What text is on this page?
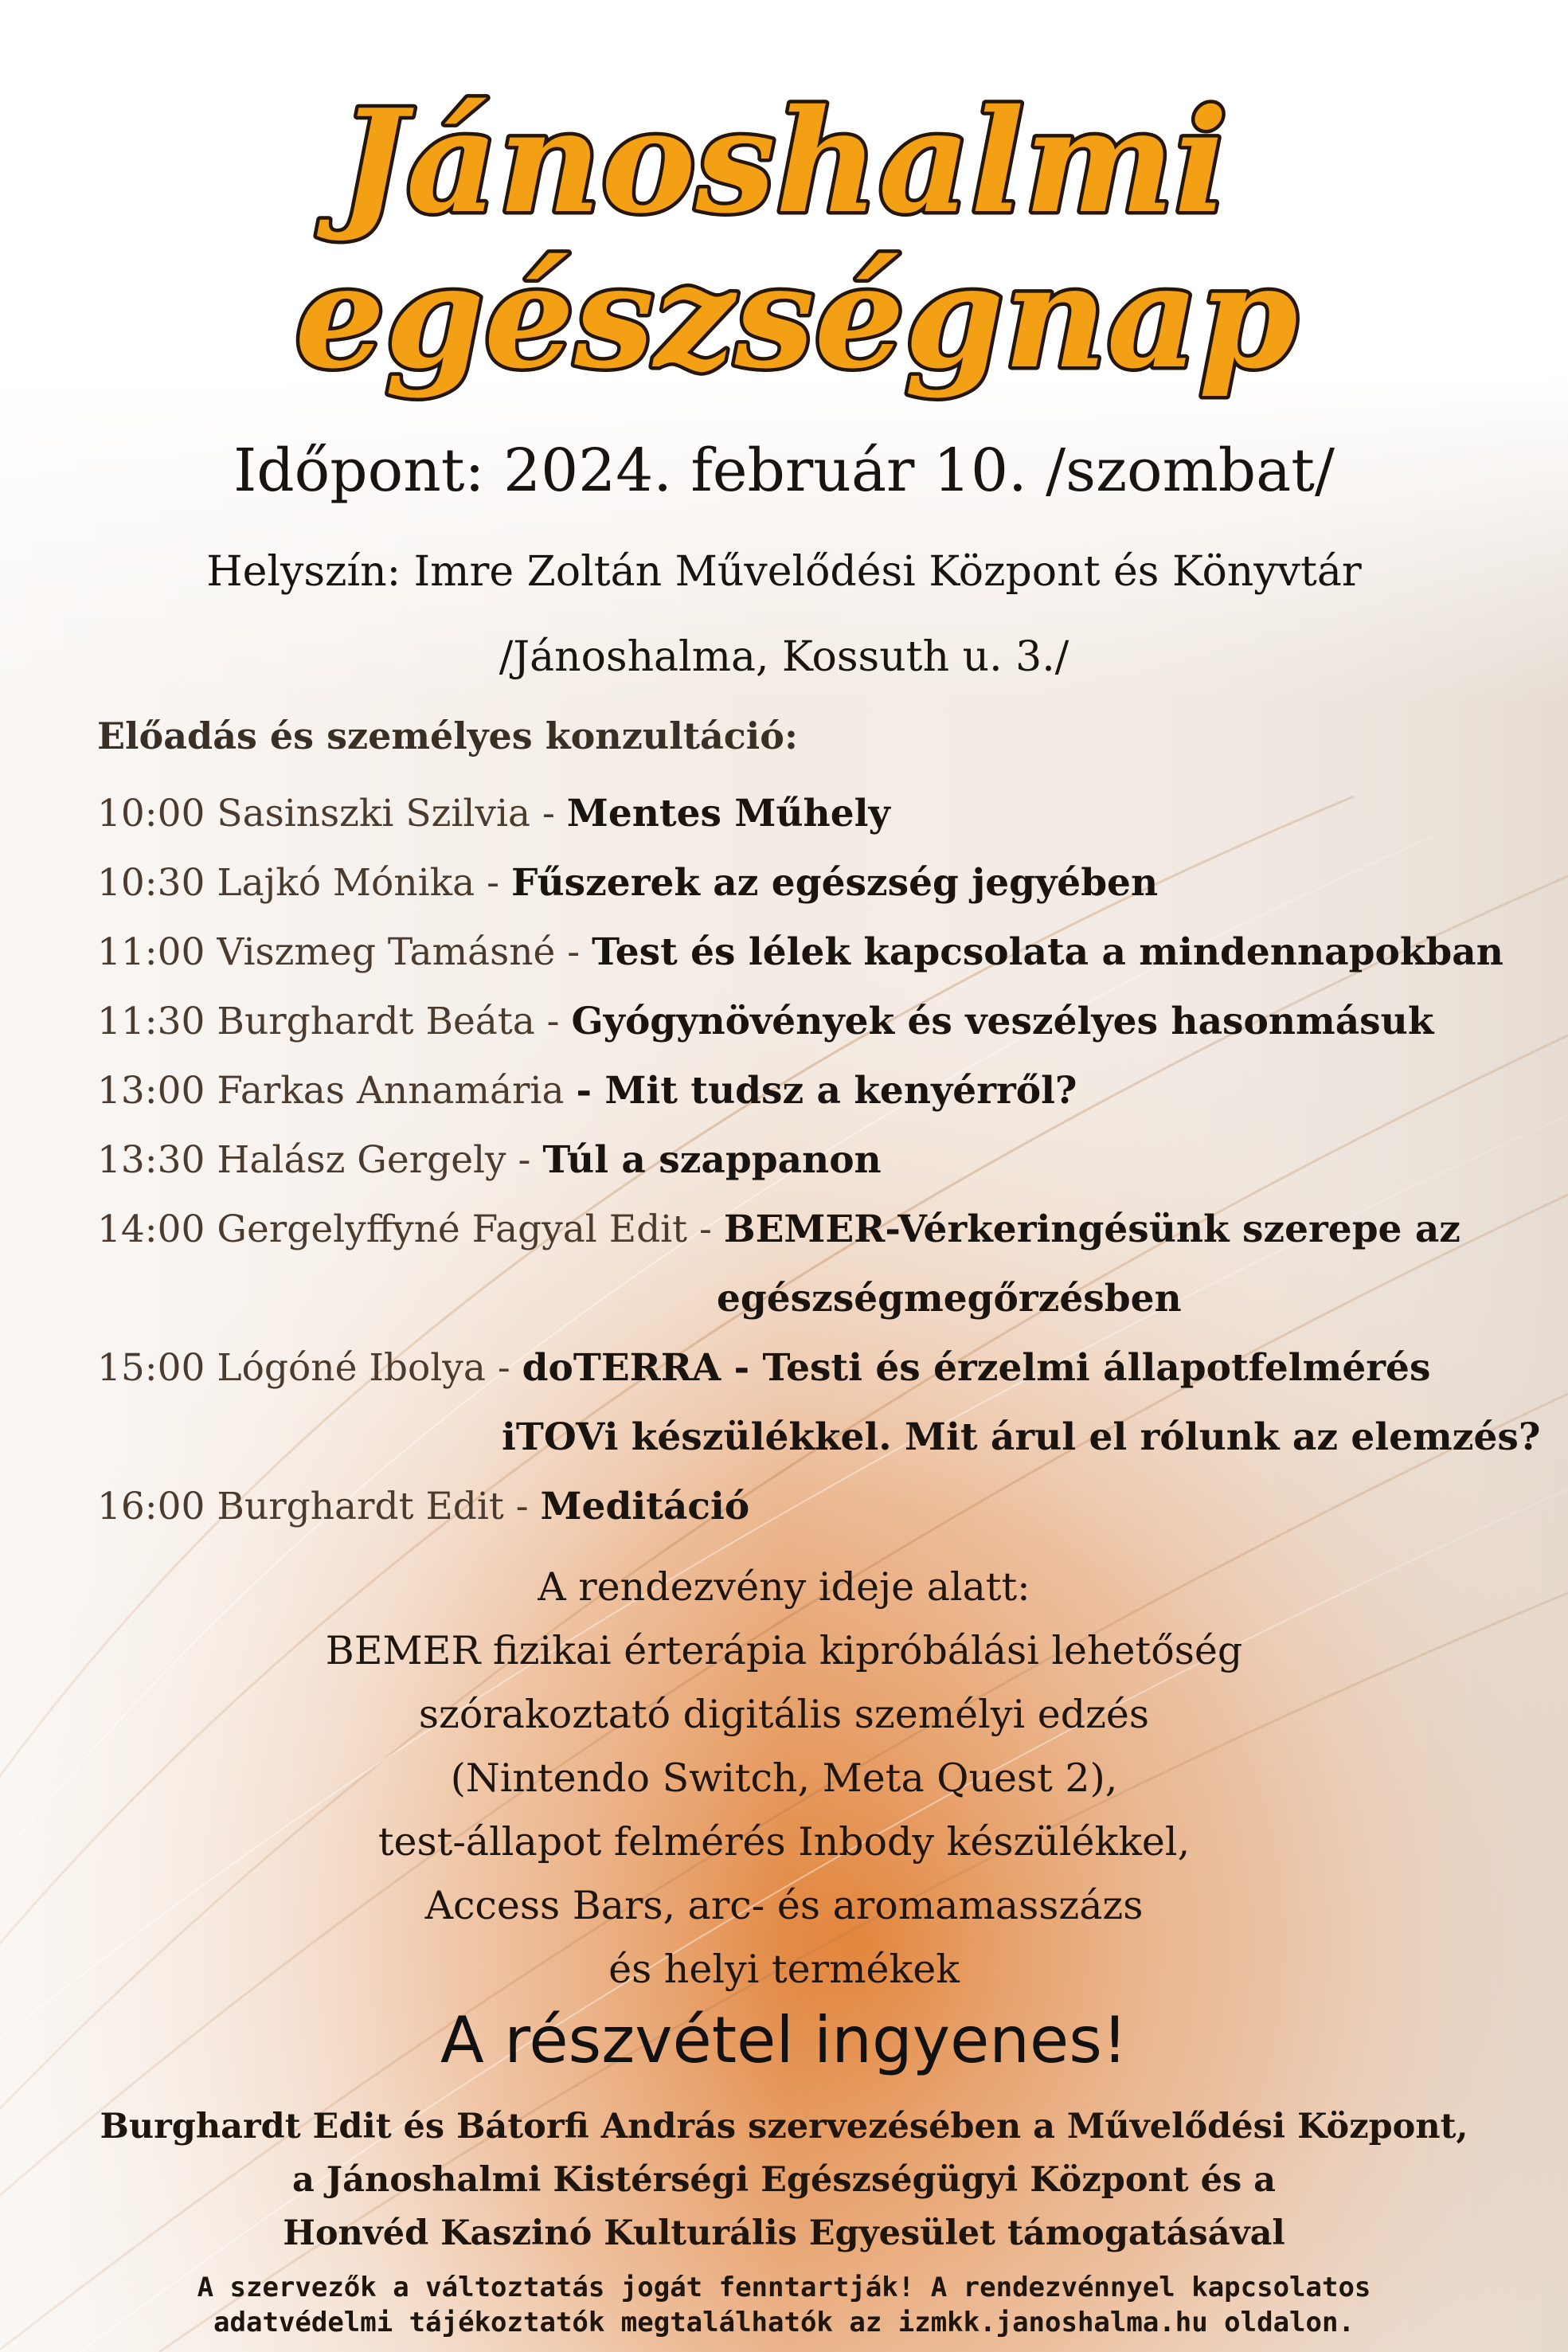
Jánoshalmi
egészségnap
Időpont: 2024. február 10. /szombat/
Helyszín: Imre Zoltán Művelődési Központ és Könyvtár
/Jánoshalma, Kossuth u. 3./
Előadás és személyes konzultáció:
10:00 Sasinszki Szilvia - Mentes Műhely
10:30 Lajkó Mónika - Fűszerek az egészség jegyében
11:00 Viszmeg Tamásné - Test és lélek kapcsolata a mindennapokban
11:30 Burghardt Beáta - Gyógynövények és veszélyes hasonmásuk
13:00 Farkas Annamária - Mit tudsz a kenyérről?
13:30 Halász Gergely - Túl a szappanon
14:00 Gergelyffyné Fagyal Edit - BEMER-Vérkeringésünk szerepe az
egészségmegőrzésben
15:00 Lógóné Ibolya - doTERRA - Testi és érzelmi állapotfelmérés
iTOVi készülékkel. Mit árul el rólunk az elemzés?
16:00 Burghardt Edit - Meditáció
A rendezvény ideje alatt:
BEMER fizikai érterápia kipróbálási lehetőség
szórakoztató digitális személyi edzés
(Nintendo Switch, Meta Quest 2),
test-állapot felmérés Inbody készülékkel,
Access Bars, arc- és aromamasszázs
és helyi termékek
A részvétel ingyenes!
Burghardt Edit és Bátorfi András szervezésében a Művelődési Központ,
a Jánoshalmi Kistérségi Egészségügyi Központ és a
Honvéd Kaszinó Kulturális Egyesület támogatásával
A szervezők a változtatás jogát fenntartják! A rendezvénnyel kapcsolatos
adatvédelmi tájékoztatók megtalálhatók az izmkk.janoshalma.hu oldalon.
